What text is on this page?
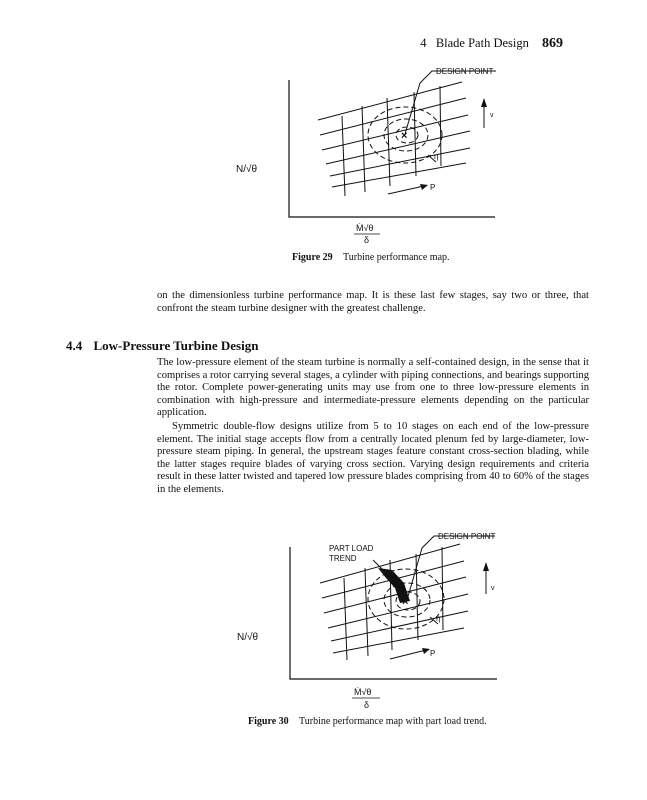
4 Blade Path Design 869
×
DESIGN POINT
v
η
P
N/√θ
Ṁ√θ
δ
Figure 29 Turbine performance map.

on the dimensionless turbine performance map. It is these last few stages, say two or three, that confront the steam turbine designer with the greatest challenge.

4.4 Low-Pressure Turbine Design

The low-pressure element of the steam turbine is normally a self-contained design, in the sense that it comprises a rotor carrying several stages, a cylinder with piping connections, and bearings supporting the rotor. Complete power-generating units may use from one to three low-pressure elements in combination with high-pressure and intermediate-pressure elements depending on the particular application.

Symmetric double-flow designs utilize from 5 to 10 stages on each end of the low-pressure element. The initial stage accepts flow from a centrally located plenum fed by large-diameter, low-pressure steam piping. In general, the upstream stages feature constant cross-section blading, while the latter stages require blades of varying cross section. Varying design requirements and criteria result in these latter twisted and tapered low pressure blades comprising from 40 to 60% of the stages in the elements.

×
DESIGN POINT
PART LOAD
TREND
v
η
P
N/√θ
Ṁ√θ
δ
Figure 30 Turbine performance map with part load trend.
